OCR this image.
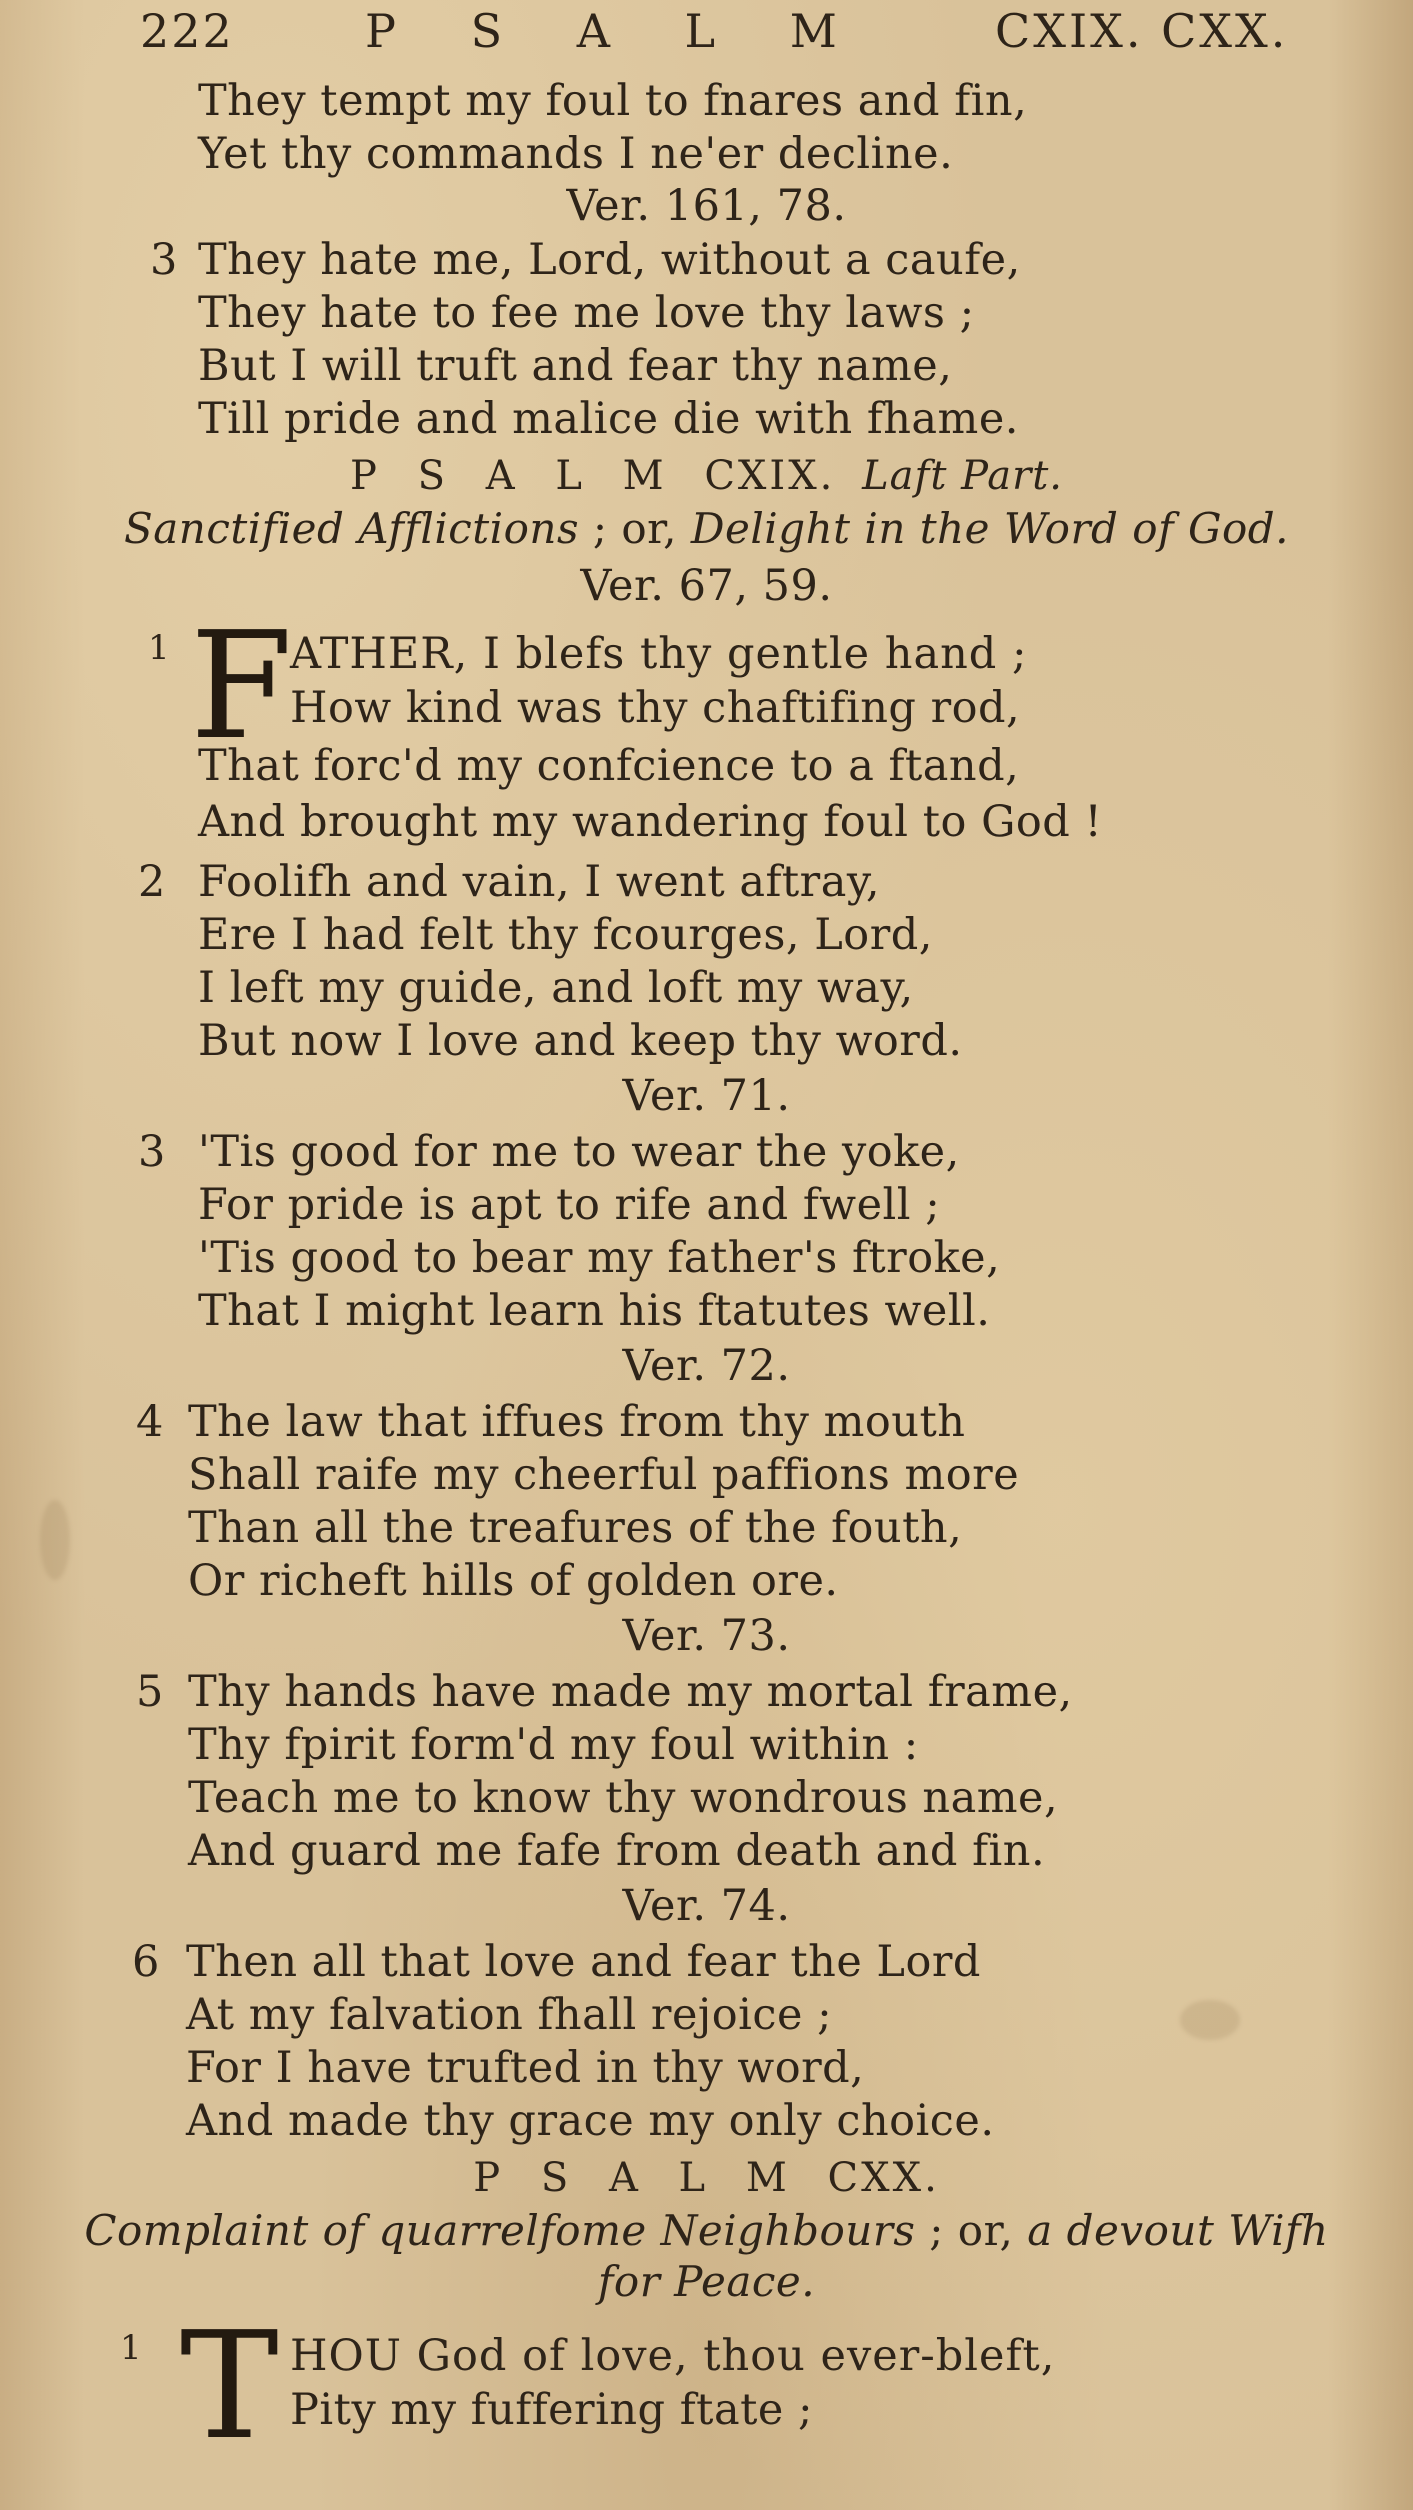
222	P S A L M	CXIX. CXX.
They tempt my foul to fnares and fin,
Yet thy commands I ne'er decline.
Ver. 161, 78.
3 They hate me, Lord, without a caufe,
They hate to fee me love thy laws ;
But I will truft and fear thy name,
Till pride and malice die with fhame.
P S A L M CXIX. Laft Part.
Sanctified Afflictions ; or, Delight in the Word of God.
Ver. 67, 59.
1 F
ATHER, I blefs thy gentle hand ;
How kind was thy chaftifing rod,
That forc'd my confcience to a ftand,
And brought my wandering foul to God !
2 Foolifh and vain, I went aftray,
Ere I had felt thy fcourges, Lord,
I left my guide, and loft my way,
But now I love and keep thy word.
Ver. 71.
3 'Tis good for me to wear the yoke,
For pride is apt to rife and fwell ;
'Tis good to bear my father's ftroke,
That I might learn his ftatutes well.
Ver. 72.
4 The law that iffues from thy mouth
Shall raife my cheerful paffions more
Than all the treafures of the fouth,
Or richeft hills of golden ore.
Ver. 73.
5 Thy hands have made my mortal frame,
Thy fpirit form'd my foul within :
Teach me to know thy wondrous name,
And guard me fafe from death and fin.
Ver. 74.
6 Then all that love and fear the Lord
At my falvation fhall rejoice ;
For I have trufted in thy word,
And made thy grace my only choice.
P S A L M CXX.
Complaint of quarrelfome Neighbours ; or, a devout Wifh
for Peace.
1 T HOU God of love, thou ever-bleft,
Pity my fuffering ftate ;
